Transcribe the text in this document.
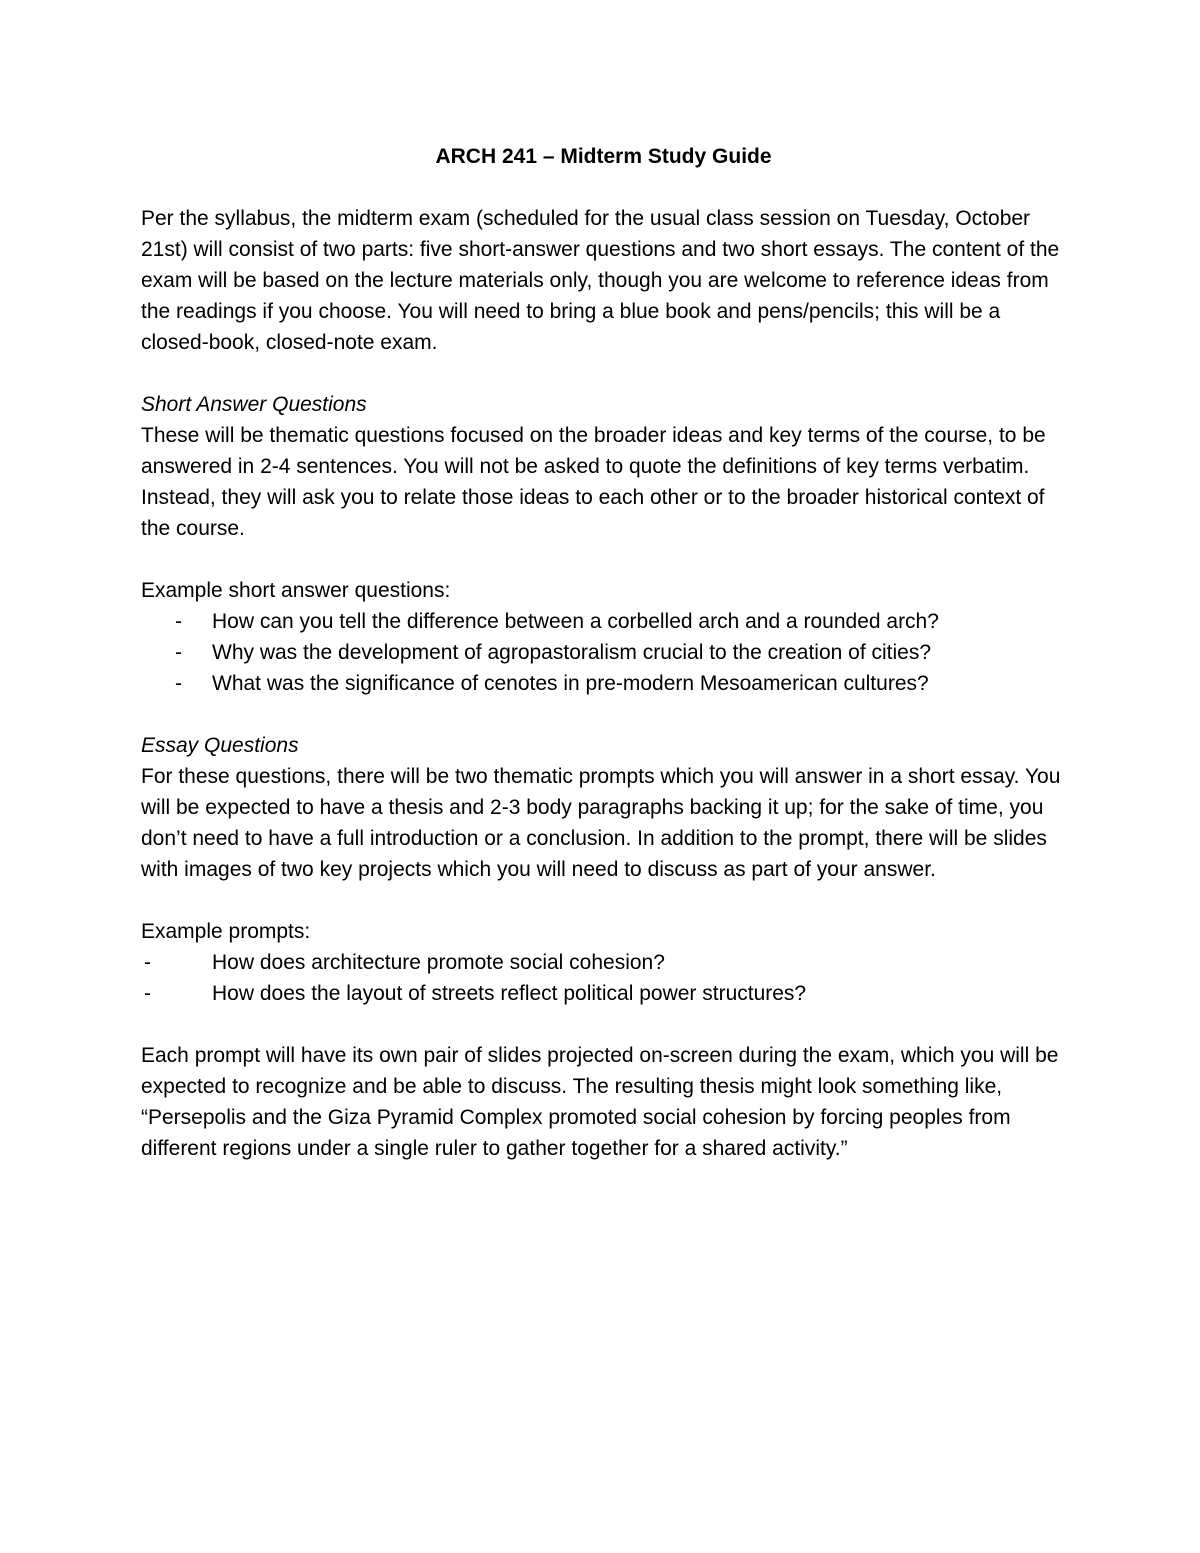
ARCH 241 – Midterm Study Guide

Per the syllabus, the midterm exam (scheduled for the usual class session on Tuesday, October 21st) will consist of two parts: five short-answer questions and two short essays. The content of the exam will be based on the lecture materials only, though you are welcome to reference ideas from the readings if you choose. You will need to bring a blue book and pens/pencils; this will be a closed-book, closed-note exam.

Short Answer Questions

These will be thematic questions focused on the broader ideas and key terms of the course, to be answered in 2-4 sentences. You will not be asked to quote the definitions of key terms verbatim. Instead, they will ask you to relate those ideas to each other or to the broader historical context of the course.

Example short answer questions:

- How can you tell the difference between a corbelled arch and a rounded arch?
- Why was the development of agropastoralism crucial to the creation of cities?
- What was the significance of cenotes in pre-modern Mesoamerican cultures?

Essay Questions

For these questions, there will be two thematic prompts which you will answer in a short essay. You will be expected to have a thesis and 2-3 body paragraphs backing it up; for the sake of time, you don’t need to have a full introduction or a conclusion. In addition to the prompt, there will be slides with images of two key projects which you will need to discuss as part of your answer.

Example prompts:

-	How does architecture promote social cohesion?
-	How does the layout of streets reflect political power structures?

Each prompt will have its own pair of slides projected on-screen during the exam, which you will be expected to recognize and be able to discuss. The resulting thesis might look something like, “Persepolis and the Giza Pyramid Complex promoted social cohesion by forcing peoples from different regions under a single ruler to gather together for a shared activity.”
